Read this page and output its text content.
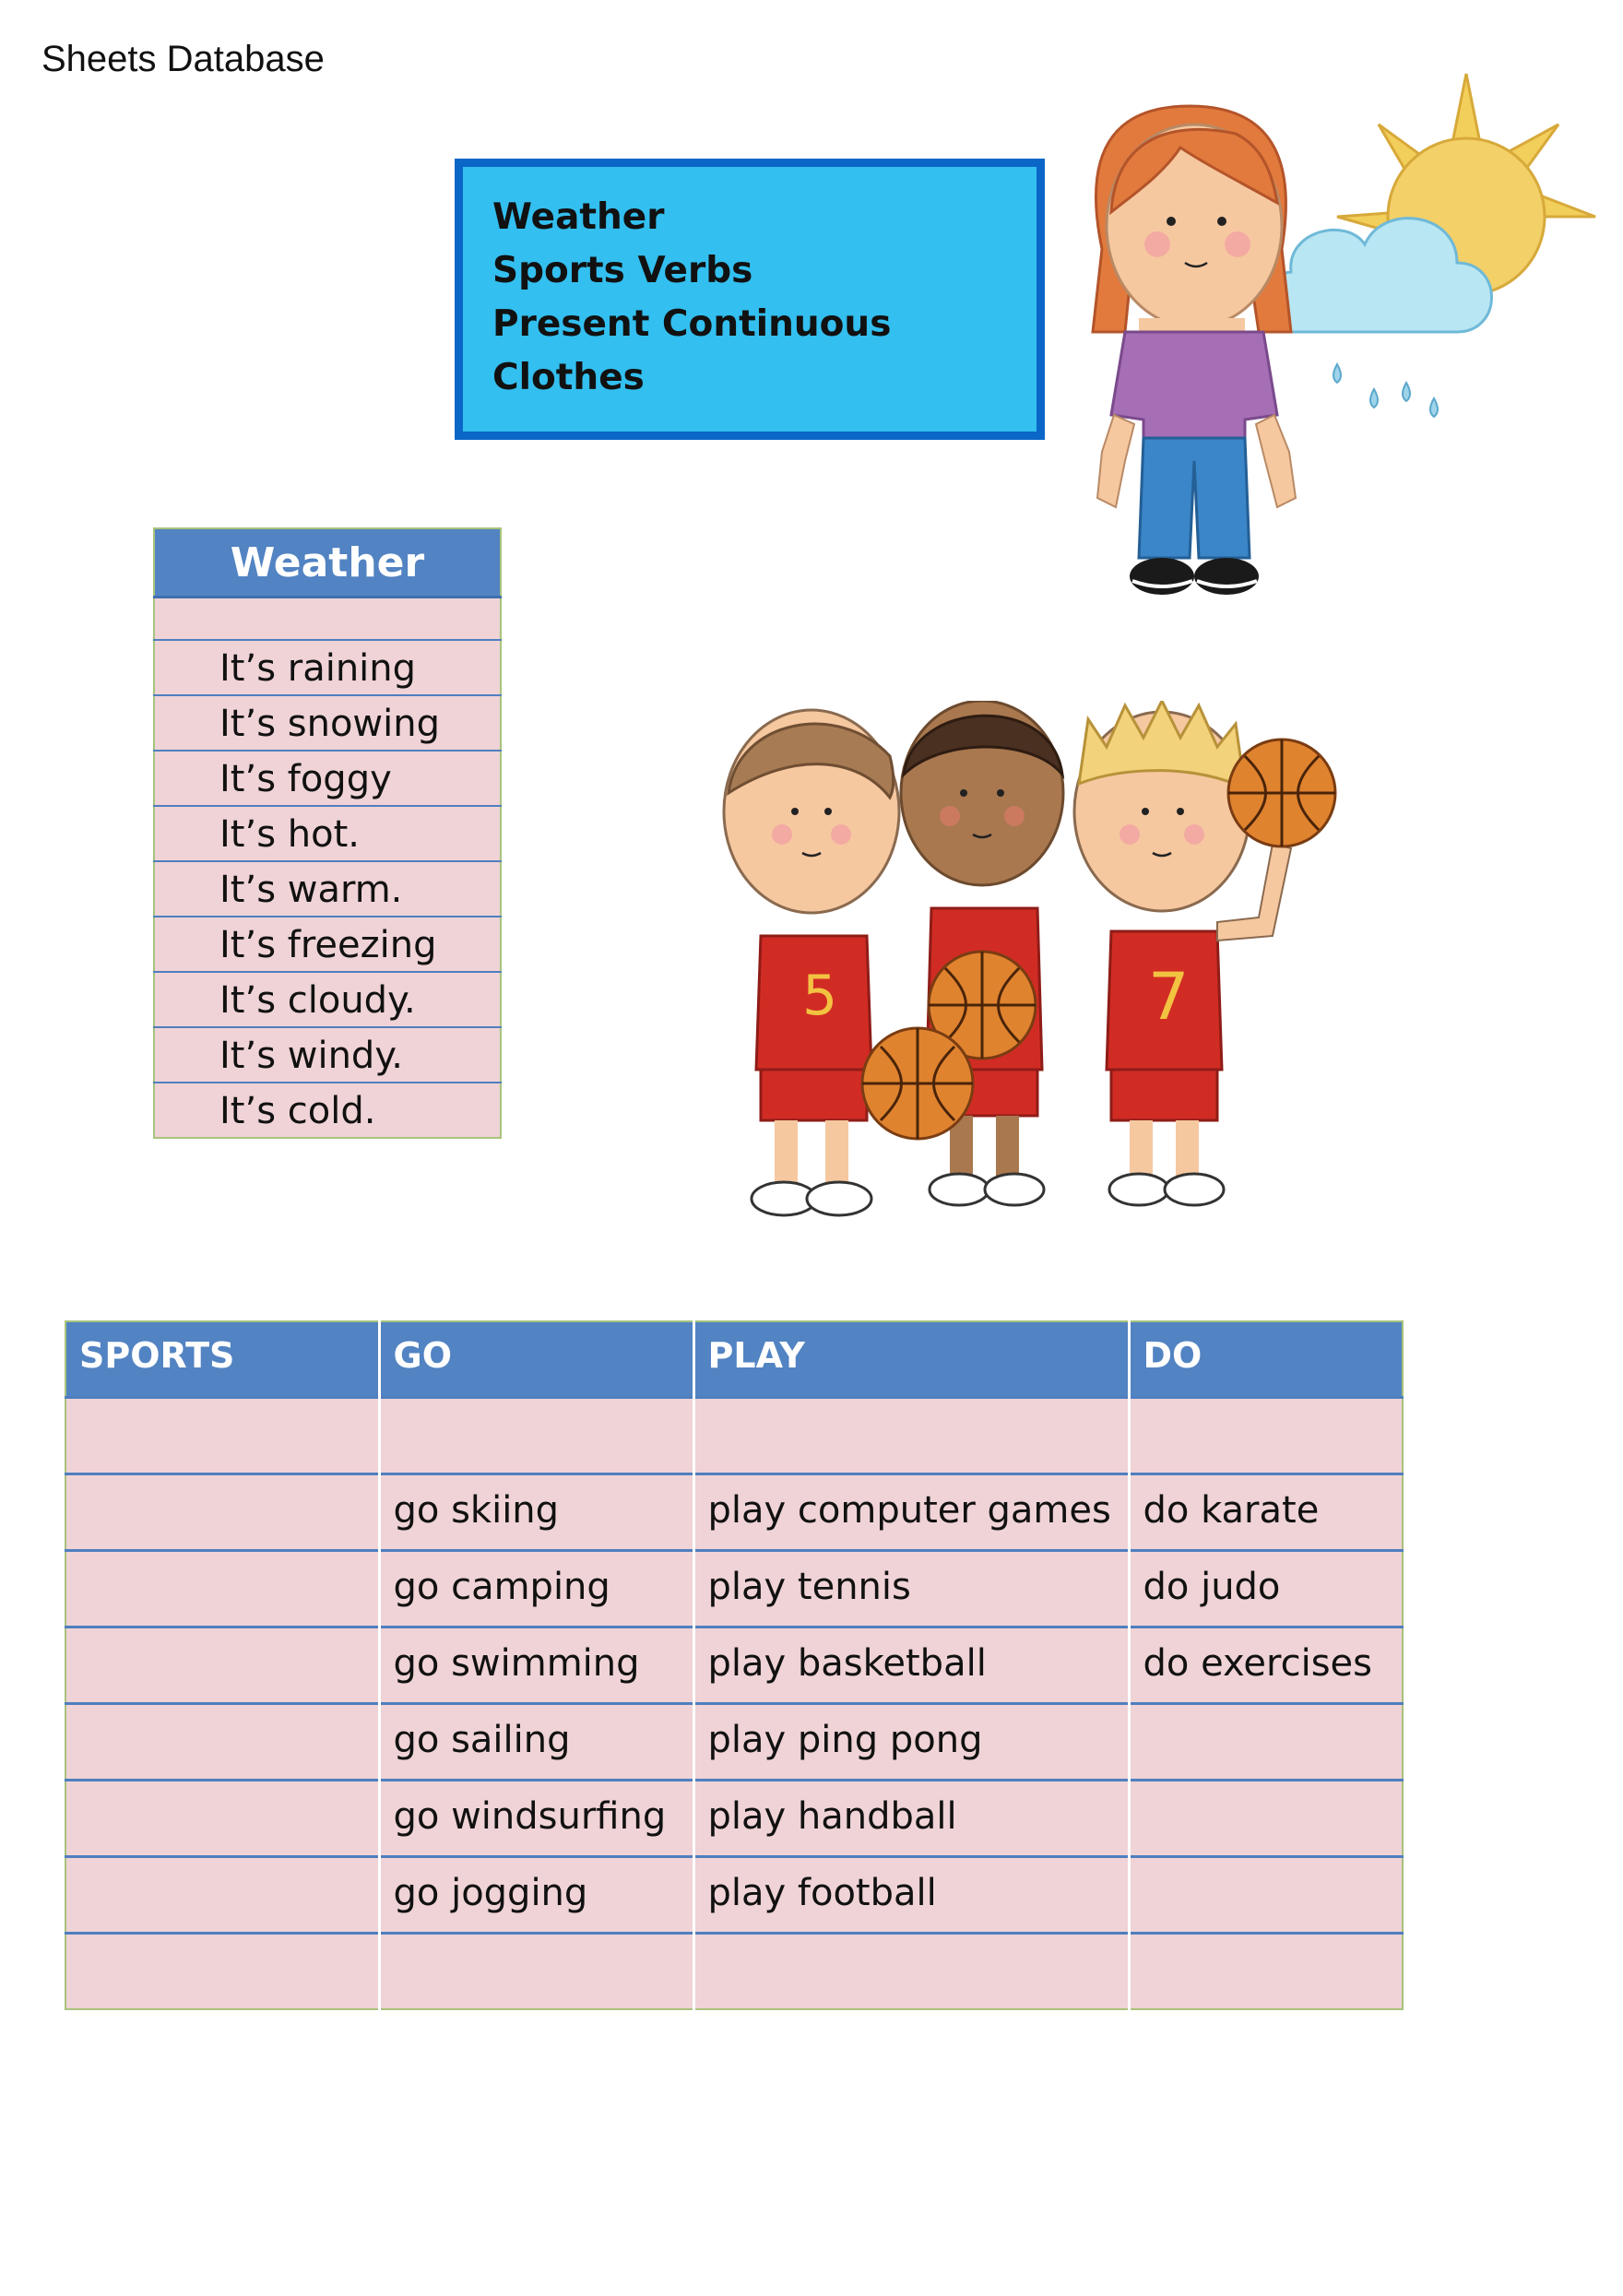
Sheets Database
Weather
Sports Verbs
Present Continuous
Clothes
Weather

It’s raining
It’s snowing
It’s foggy
It’s hot.
It’s warm.
It’s freezing
It’s cloudy.
It’s windy.
It’s cold.
5	7
SPORTS	GO	PLAY	DO

	go skiing	play computer games	do karate
	go camping	play tennis	do judo
	go swimming	play basketball	do exercises
	go sailing	play ping pong	
	go windsurfing	play handball	
	go jogging	play football	
